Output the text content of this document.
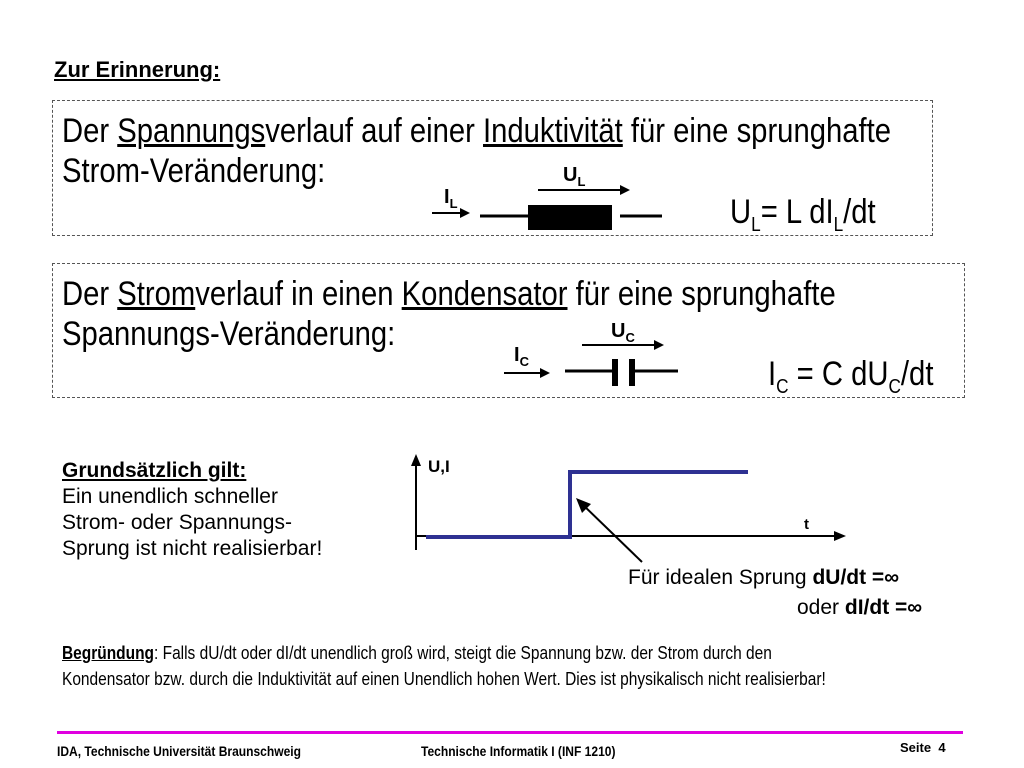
Zur Erinnerung:
Der Spannungsverlauf auf einer Induktivität für eine sprunghafte
Strom-Veränderung:	$U_L$
$I_L$	$U_L= L$ $dI_L/dt$
Der Stromverlauf in einen Kondensator für eine sprunghafte
Spannungs-Veränderung:	$U_C$
$I_C$	$I_C = C$ $dU_C/dt$
Grundsätzlich gilt:
Ein unendlich schneller
Strom- oder Spannungs-
Sprung ist nicht realisierbar!
U,I
t
Für idealen Sprung dU/dt =∞
oder dI/dt =∞
Begründung: Falls dU/dt oder dI/dt unendlich groß wird, steigt die Spannung bzw. der Strom durch den
Kondensator bzw. durch die Induktivität auf einen Unendlich hohen Wert. Dies ist physikalisch nicht realisierbar!
IDA, Technische Universität Braunschweig	Technische Informatik I (INF 1210)	Seite 4
